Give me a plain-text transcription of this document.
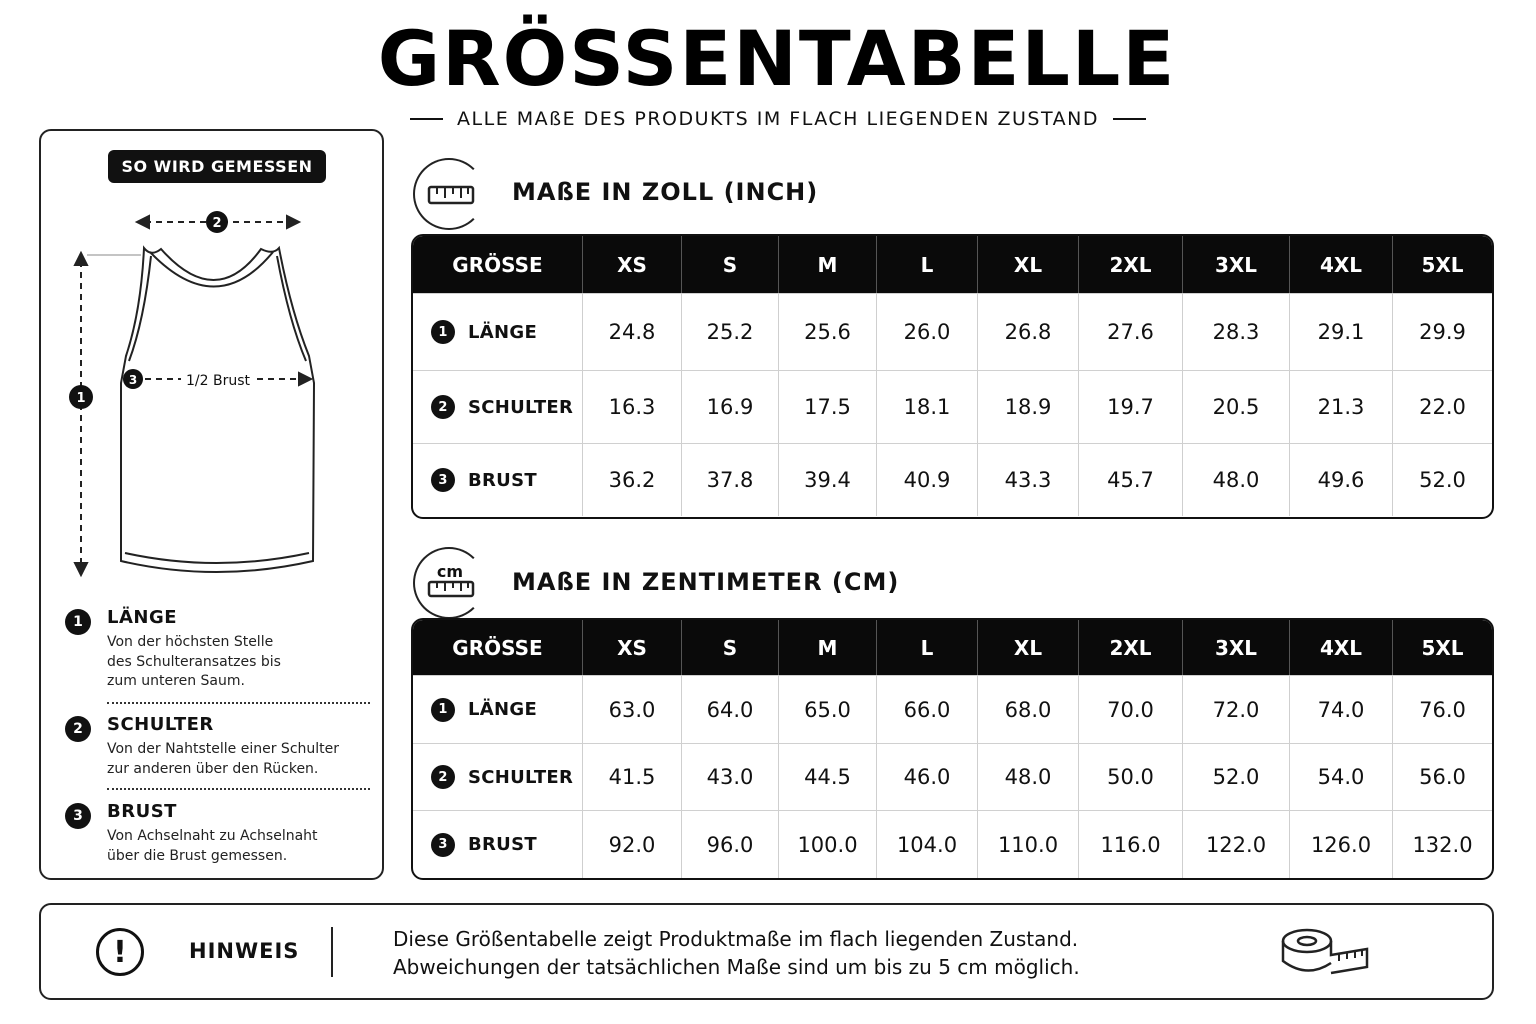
GRÖSSENTABELLE
ALLE MAßE DES PRODUKTS IM FLACH LIEGENDEN ZUSTAND
SO WIRD GEMESSEN
2
1
3	1/2 Brust
1	LÄNGE
Von der höchsten Stelle des Schulteransatzes bis zum unteren Saum.
2	SCHULTER
Von der Nahtstelle einer Schulter zur anderen über den Rücken.
3	BRUST
Von Achselnaht zu Achselnaht über die Brust gemessen.
MAßE IN ZOLL (INCH)
GRÖSSE	XS	S	M	L	XL	2XL	3XL	4XL	5XL
1	LÄNGE	24.8	25.2	25.6	26.0	26.8	27.6	28.3	29.1	29.9
2	SCHULTER	16.3	16.9	17.5	18.1	18.9	19.7	20.5	21.3	22.0
3	BRUST	36.2	37.8	39.4	40.9	43.3	45.7	48.0	49.6	52.0
cm MAßE IN ZENTIMETER (CM)
GRÖSSE	XS	S	M	L	XL	2XL	3XL	4XL	5XL
1	LÄNGE	63.0	64.0	65.0	66.0	68.0	70.0	72.0	74.0	76.0
2	SCHULTER	41.5	43.0	44.5	46.0	48.0	50.0	52.0	54.0	56.0
3	BRUST	92.0	96.0	100.0	104.0	110.0	116.0	122.0	126.0	132.0
!	HINWEIS	Diese Größentabelle zeigt Produktmaße im flach liegenden Zustand.
Abweichungen der tatsächlichen Maße sind um bis zu 5 cm möglich.
